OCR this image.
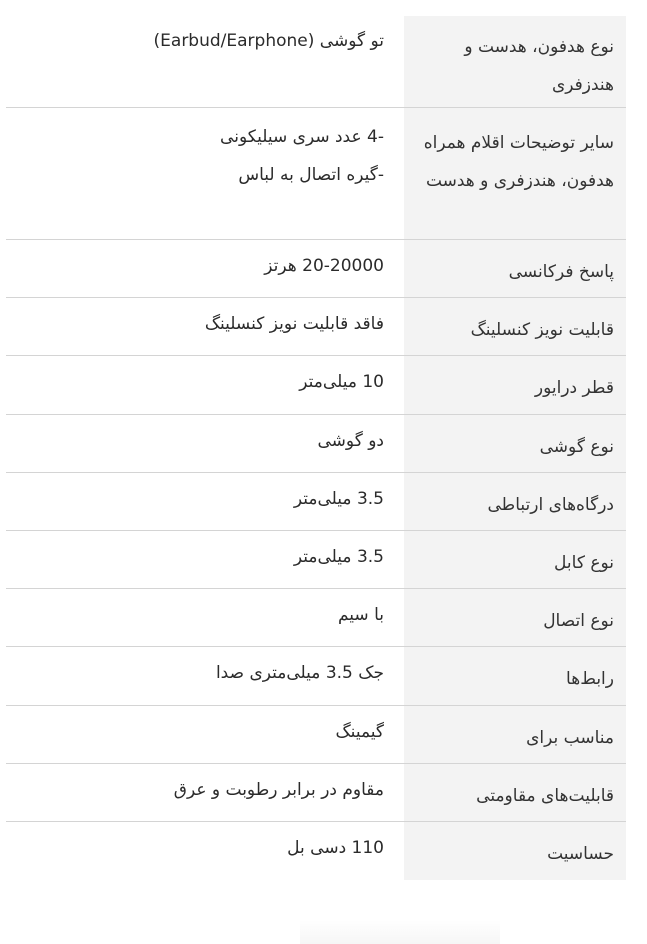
نوع هدفون، هدست و هندزفری
تو گوشی (Earbud/Earphone)
سایر توضیحات اقلام همراه هدفون، هندزفری و هدست
-4 عدد سری سیلیکونی
-گیره اتصال به لباس
پاسخ فرکانسی
20-20000 هرتز
قابلیت نویز کنسلینگ
فاقد قابلیت نویز کنسلینگ
قطر درایور
10 میلی‌متر
نوع گوشی
دو گوشی
درگاه‌های ارتباطی
3.5 میلی‌متر
نوع کابل
3.5 میلی‌متر
نوع اتصال
با سیم
رابط‌ها
جک 3.5 میلی‌متری صدا
مناسب برای
گیمینگ
قابلیت‌های مقاومتی
مقاوم در برابر رطوبت و عرق
حساسیت
110 دسی بل
